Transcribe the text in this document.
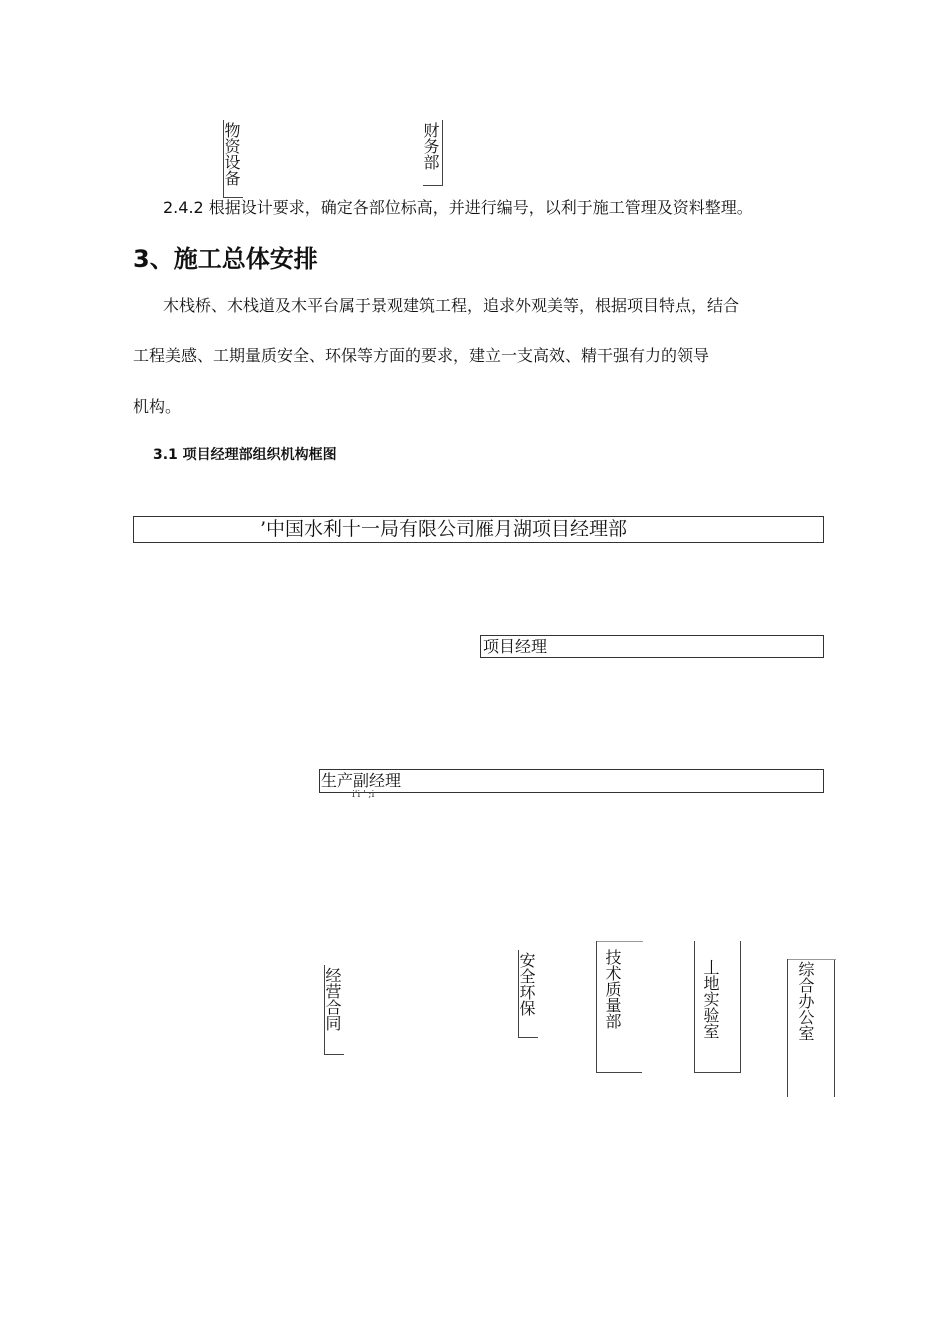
物资设备	财务部
2.4.2 根据设计要求，确定各部位标高，并进行编号，以利于施工管理及资料整理。
3、施工总体安排
木栈桥、木栈道及木平台属于景观建筑工程，追求外观美等，根据项目特点，结合
工程美感、工期量质安全、环保等方面的要求，建立一支高效、精干强有力的领导
机构。
3.1 项目经理部组织机构框图
’中国水利十一局有限公司雁月湖项目经理部
项目经理
生产副经理
i'i ' ;i
经营合同	安全环保	技术质量部	丄地实验室	综合办公室
